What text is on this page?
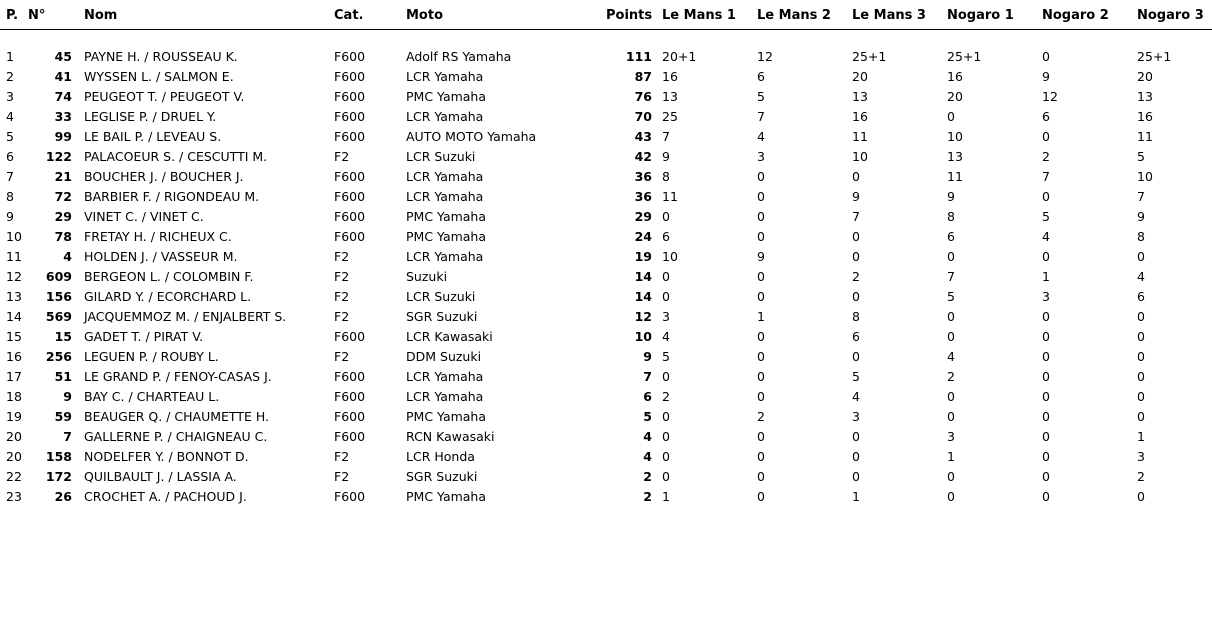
P.	N°	Nom	Cat.	Moto	Points	Le Mans 1	Le Mans 2	Le Mans 3	Nogaro 1	Nogaro 2	Nogaro 3

1	45	PAYNE H. / ROUSSEAU K.	F600	Adolf RS Yamaha	111	20+1	12	25+1	25+1	0	25+1
2	41	WYSSEN L. / SALMON E.	F600	LCR Yamaha	87	16	6	20	16	9	20
3	74	PEUGEOT T. / PEUGEOT V.	F600	PMC Yamaha	76	13	5	13	20	12	13
4	33	LEGLISE P. / DRUEL Y.	F600	LCR Yamaha	70	25	7	16	0	6	16
5	99	LE BAIL P. / LEVEAU S.	F600	AUTO MOTO Yamaha	43	7	4	11	10	0	11
6	122	PALACOEUR S. / CESCUTTI M.	F2	LCR Suzuki	42	9	3	10	13	2	5
7	21	BOUCHER J. / BOUCHER J.	F600	LCR Yamaha	36	8	0	0	11	7	10
8	72	BARBIER F. / RIGONDEAU M.	F600	LCR Yamaha	36	11	0	9	9	0	7
9	29	VINET C. / VINET C.	F600	PMC Yamaha	29	0	0	7	8	5	9
10	78	FRETAY H. / RICHEUX C.	F600	PMC Yamaha	24	6	0	0	6	4	8
11	4	HOLDEN J. / VASSEUR M.	F2	LCR Yamaha	19	10	9	0	0	0	0
12	609	BERGEON L. / COLOMBIN F.	F2	Suzuki	14	0	0	2	7	1	4
13	156	GILARD Y. / ECORCHARD L.	F2	LCR Suzuki	14	0	0	0	5	3	6
14	569	JACQUEMMOZ M. / ENJALBERT S.	F2	SGR Suzuki	12	3	1	8	0	0	0
15	15	GADET T. / PIRAT V.	F600	LCR Kawasaki	10	4	0	6	0	0	0
16	256	LEGUEN P. / ROUBY L.	F2	DDM Suzuki	9	5	0	0	4	0	0
17	51	LE GRAND P. / FENOY-CASAS J.	F600	LCR Yamaha	7	0	0	5	2	0	0
18	9	BAY C. / CHARTEAU L.	F600	LCR Yamaha	6	2	0	4	0	0	0
19	59	BEAUGER Q. / CHAUMETTE H.	F600	PMC Yamaha	5	0	2	3	0	0	0
20	7	GALLERNE P. / CHAIGNEAU C.	F600	RCN Kawasaki	4	0	0	0	3	0	1
20	158	NODELFER Y. / BONNOT D.	F2	LCR Honda	4	0	0	0	1	0	3
22	172	QUILBAULT J. / LASSIA A.	F2	SGR Suzuki	2	0	0	0	0	0	2
23	26	CROCHET A. / PACHOUD J.	F600	PMC Yamaha	2	1	0	1	0	0	0
